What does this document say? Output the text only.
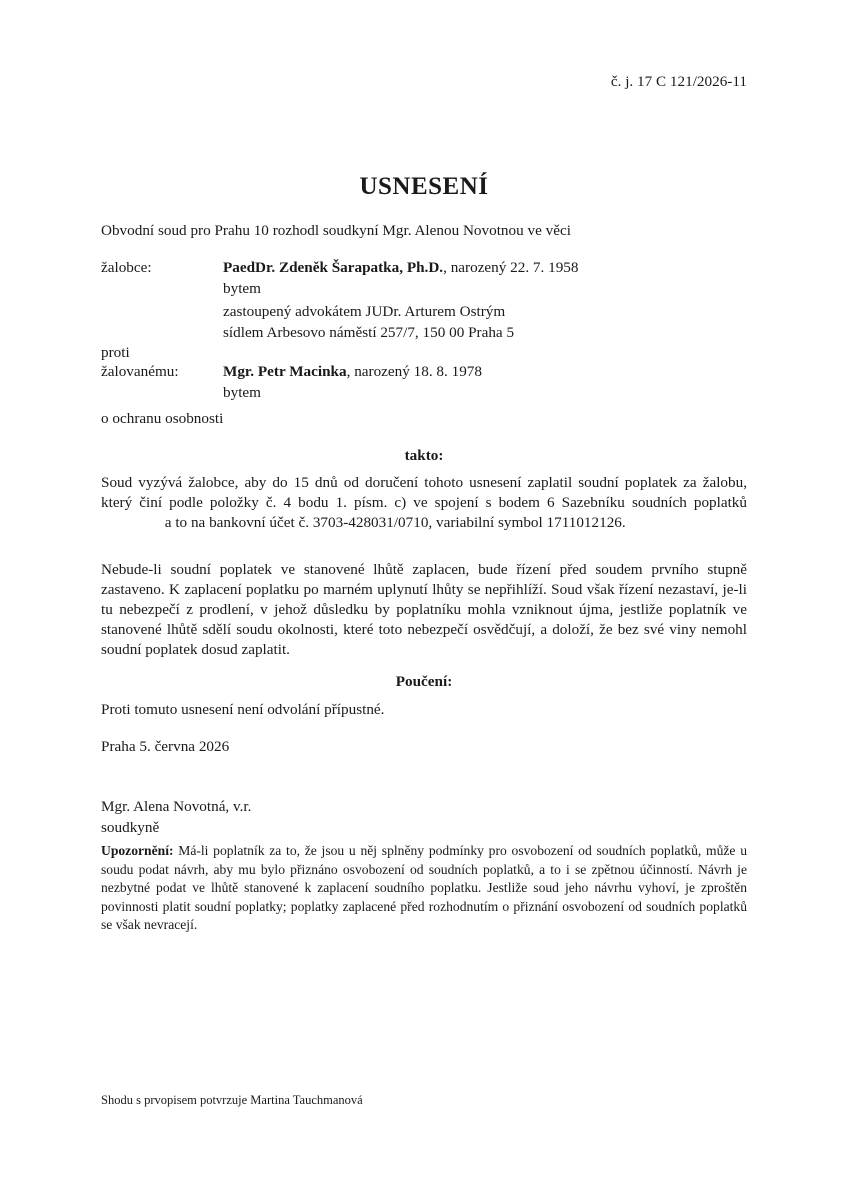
č. j. 17 C 121/2026-11
USNESENÍ
Obvodní soud pro Prahu 10 rozhodl soudkyní Mgr. Alenou Novotnou ve věci
žalobce:	PaedDr. Zdeněk Šarapatka, Ph.D., narozený 22. 7. 1958
bytem
zastoupený advokátem JUDr. Arturem Ostrým
sídlem Arbesovo náměstí 257/7, 150 00 Praha 5
proti
žalovanému:	Mgr. Petr Macinka, narozený 18. 8. 1978
bytem
o ochranu osobnosti
takto:

Soud vyzývá žalobce, aby do 15 dnů od doručení tohoto usnesení zaplatil soudní poplatek za žalobu, který činí podle položky č. 4 bodu 1. písm. c) ve spojení s bodem 6 Sazebníku soudních poplatků  a to na bankovní účet č. 3703-428031/0710, variabilní symbol 1711012126.

Nebude-li soudní poplatek ve stanovené lhůtě zaplacen, bude řízení před soudem prvního stupně zastaveno. K zaplacení poplatku po marném uplynutí lhůty se nepřihlíží. Soud však řízení nezastaví, je-li tu nebezpečí z prodlení, v jehož důsledku by poplatníku mohla vzniknout újma, jestliže poplatník ve stanovené lhůtě sdělí soudu okolnosti, které toto nebezpečí osvědčují, a doloží, že bez své viny nemohl soudní poplatek dosud zaplatit.

Poučení:
Proti tomuto usnesení není odvolání přípustné.
Praha 5. června 2026
Mgr. Alena Novotná, v.r.
soudkyně
Upozornění: Má-li poplatník za to, že jsou u něj splněny podmínky pro osvobození od soudních poplatků, může u soudu podat návrh, aby mu bylo přiznáno osvobození od soudních poplatků, a to i se zpětnou účinností. Návrh je nezbytné podat ve lhůtě stanovené k zaplacení soudního poplatku. Jestliže soud jeho návrhu vyhoví, je zproštěn povinnosti platit soudní poplatky; poplatky zaplacené před rozhodnutím o přiznání osvobození od soudních poplatků se však nevracejí.
Shodu s prvopisem potvrzuje Martina Tauchmanová
